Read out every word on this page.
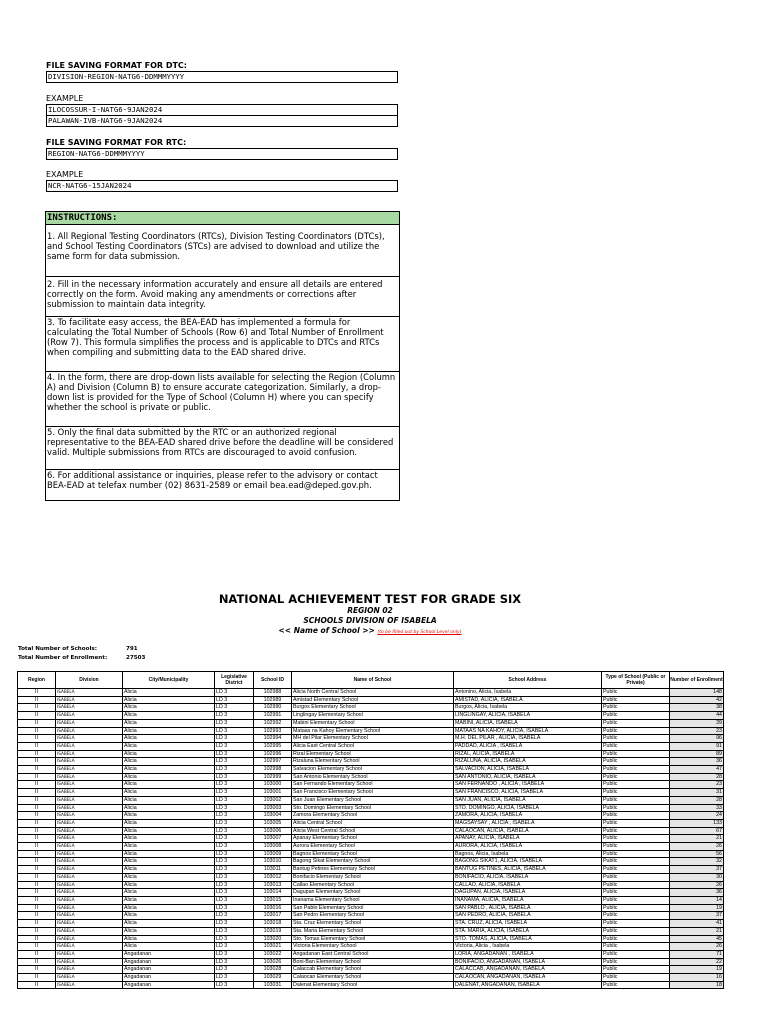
FILE SAVING FORMAT FOR DTC:
DIVISION-REGION-NATG6-DDMMMYYYY
EXAMPLE
ILOCOSSUR-I-NATG6-9JAN2024
PALAWAN-IVB-NATG6-9JAN2024
FILE SAVING FORMAT FOR RTC:
REGION-NATG6-DDMMMYYYY
EXAMPLE
NCR-NATG6-15JAN2024
INSTRUCTIONS:
1. All Regional Testing Coordinators (RTCs), Division Testing Coordinators (DTCs), and School Testing Coordinators (STCs) are advised to download and utilize the same form for data submission.
2. Fill in the necessary information accurately and ensure all details are entered correctly on the form. Avoid making any amendments or corrections after submission to maintain data integrity.
3. To facilitate easy access, the BEA-EAD has implemented a formula for calculating the Total Number of Schools (Row 6) and Total Number of Enrollment (Row 7). This formula simplifies the process and is applicable to DTCs and RTCs when compiling and submitting data to the EAD shared drive.
4. In the form, there are drop-down lists available for selecting the Region (Column A) and Division (Column B) to ensure accurate categorization. Similarly, a drop-down list is provided for the Type of School (Column H) where you can specify whether the school is private or public.
5. Only the final data submitted by the RTC or an authorized regional representative to the BEA-EAD shared drive before the deadline will be considered valid. Multiple submissions from RTCs are discouraged to avoid confusion.
6. For additional assistance or inquiries, please refer to the advisory or contact BEA-EAD at telefax number (02) 8631-2589 or email bea.ead@deped.gov.ph.
NATIONAL ACHIEVEMENT TEST FOR GRADE SIX
REGION 02
SCHOOLS DIVISION OF ISABELA
<< Name of School >> (to be filled out by School Level only)
Total Number of Schools:	791
Total Number of Enrollment:	27503
Region	Division	City/Municipality	Legislative District	School ID	Name of School	School Address	Type of School (Public or Private)	Number of Enrollment
II	ISABELA	Alicia	LD 3	102988	Alicia North Central School	Antonino, Alicia, Isabela	Public	148
II	ISABELA	Alicia	LD 3	102989	Amistad Elementary School	AMISTAD, ALICIA, ISABELA	Public	42
II	ISABELA	Alicia	LD 3	102990	Burgos Elementary School	Burgos, Alicia, Isabela	Public	38
II	ISABELA	Alicia	LD 3	102991	Linglingay Elementary School	LINGLINGAY, ALICIA, ISABELA	Public	44
II	ISABELA	Alicia	LD 3	102992	Mabini Elementary School	MABINI, ALICIA, ISABELA	Public	39
II	ISABELA	Alicia	LD 3	102993	Mataas na Kahoy Elementary School	MATAAS NA KAHOY, ALICIA, ISABELA	Public	23
II	ISABELA	Alicia	LD 3	102994	MH del Pilar Elementary School	M.H. DEL PILAR , ALICIA, ISABELA	Public	96
II	ISABELA	Alicia	LD 3	102995	Alicia East Central School	PADDAD, ALICIA , ISABELA	Public	91
II	ISABELA	Alicia	LD 3	102996	Rizal Elementary School	RIZAL, ALICIA, ISABELA	Public	89
II	ISABELA	Alicia	LD 3	102997	Rizaluna Elementary School	RIZALUNA, ALICIA, ISABELA	Public	36
II	ISABELA	Alicia	LD 3	102998	Salvacion Elementary School	SALVACION, ALICIA, ISABELA	Public	47
II	ISABELA	Alicia	LD 3	102999	San Antonio Elementary School	SAN ANTONIO, ALICIA, ISABELA	Public	28
II	ISABELA	Alicia	LD 3	103000	San Fernando Elementary School	SAN FERNANDO , ALICIA , ISABELA	Public	23
II	ISABELA	Alicia	LD 3	103001	San Francisco Elementary School	SAN FRANCISCO, ALICIA, ISABELA	Public	31
II	ISABELA	Alicia	LD 3	103002	San Juan Elementary School	SAN JUAN, ALICIA, ISABELA	Public	28
II	ISABELA	Alicia	LD 3	103003	Sto. Domingo Elementary School	STO. DOMINGO, ALICIA, ISABELA	Public	33
II	ISABELA	Alicia	LD 3	103004	Zamora Elementary School	ZAMORA, ALICIA, ISABELA	Public	24
II	ISABELA	Alicia	LD 3	103005	Alicia Central School	MAGSAYSAY , ALICIA , ISABELA	Public	133
II	ISABELA	Alicia	LD 3	103006	Alicia West Central School	CALAOCAN, ALICIA, ISABELA	Public	67
II	ISABELA	Alicia	LD 3	103007	Apanay Elementary School	APANAY, ALICIA, ISABELA	Public	21
II	ISABELA	Alicia	LD 3	103008	Aurora Elementary School	AURORA, ALICIA, ISABELA	Public	26
II	ISABELA	Alicia	LD 3	103009	Bagnos Elementary School	Bagnos, Alicia, Isabela	Public	56
II	ISABELA	Alicia	LD 3	103010	Bagong Sikat Elementary School	BAGONG SIKAT1, ALICIA, ISABELA	Public	32
II	ISABELA	Alicia	LD 3	103011	Bantug Petines Elementary School	BANTUG PETINES, ALICIA, ISABELA	Public	37
II	ISABELA	Alicia	LD 3	103012	Bonifacio Elementary School	BONIFACIO, ALICIA, ISABELA	Public	30
II	ISABELA	Alicia	LD 3	103013	Callao Elementary School	CALLAO, ALICIA, ISABELA	Public	26
II	ISABELA	Alicia	LD 3	103014	Dagupan Elementary School	DAGUPAN, ALICIA, ISABELA	Public	36
II	ISABELA	Alicia	LD 3	103015	Inanama Elementary School	INANAMA, ALICIA, ISABELA	Public	14
II	ISABELA	Alicia	LD 3	103016	San Pablo Elementary School	SAN PABLO , ALICIA, ISABELA	Public	19
II	ISABELA	Alicia	LD 3	103017	San Pedro Elementary School	SAN PEDRO, ALICIA, ISABELA	Public	37
II	ISABELA	Alicia	LD 3	103018	Sta. Cruz Elementary School	STA. CRUZ, ALICIA, ISABELA	Public	41
II	ISABELA	Alicia	LD 3	103019	Sta. Maria Elementary School	STA. MARIA, ALICIA, ISABELA	Public	21
II	ISABELA	Alicia	LD 3	103020	Sto. Tomas Elementary School	STO. TOMAS, ALICIA, ISABELA	Public	45
II	ISABELA	Alicia	LD 3	103021	Victoria Elementary School	Victoria, Alicia , Isabela	Public	26
II	ISABELA	Angadanan	LD 3	103022	Angadanan East Central School	LORIA, ANGADANAN , ISABELA	Public	71
II	ISABELA	Angadanan	LD 3	103026	Boni-Ban Elementary School	BONIFACIO, ANGADANAN, ISABELA	Public	22
II	ISABELA	Angadanan	LD 3	103028	Calaccab Elementary School	CALACCAB, ANGADANAN, ISABELA	Public	19
II	ISABELA	Angadanan	LD 3	103029	Calaocan Elementary School	CALAOCAN, ANGADANAN, ISABELA	Public	16
II	ISABELA	Angadanan	LD 3	103031	Dalenat Elementary School	DALENAT, ANGADANAN, ISABELA	Public	18
